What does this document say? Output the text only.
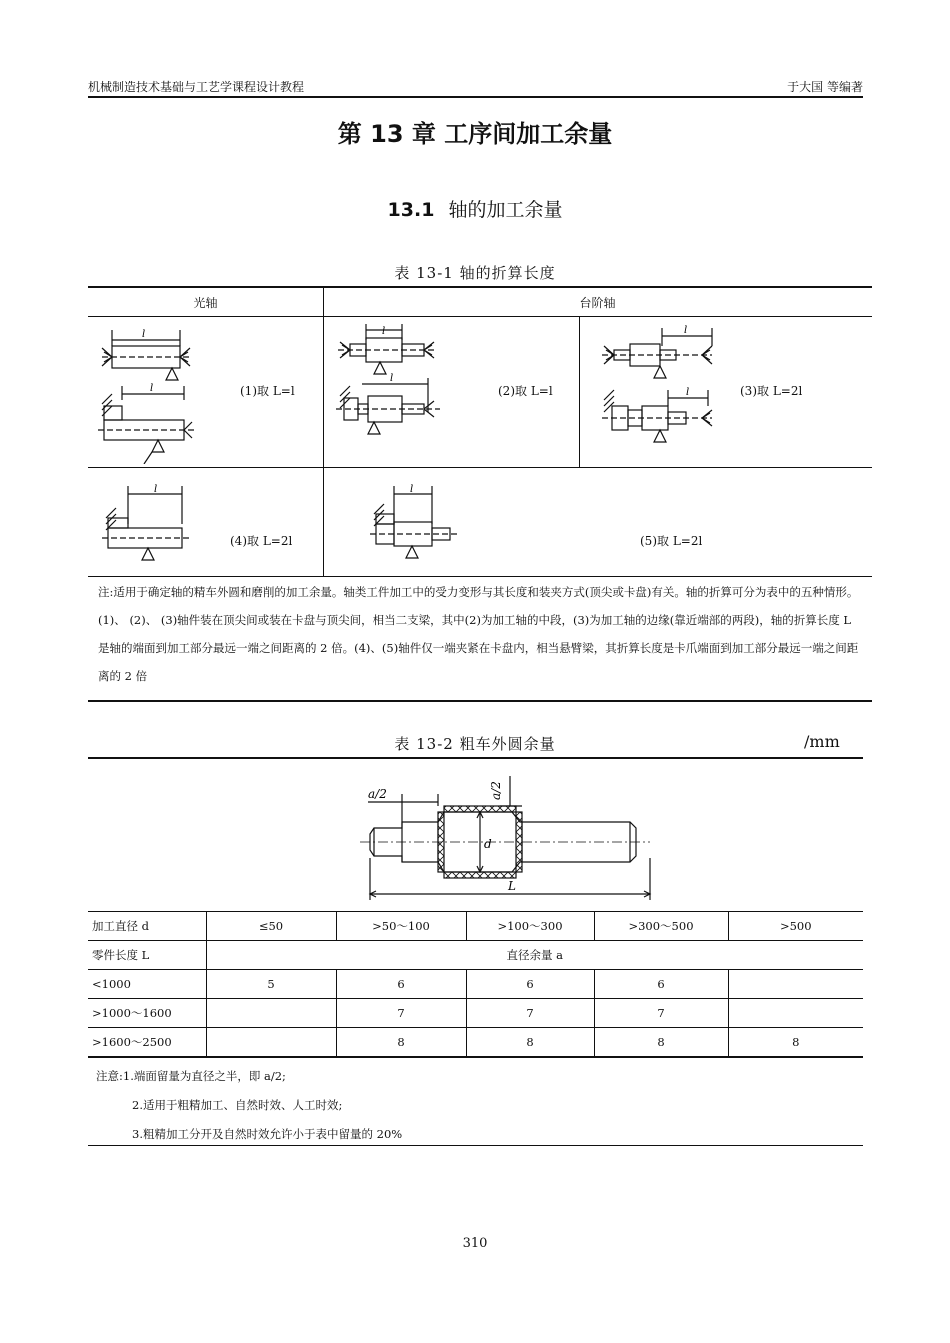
机械制造技术基础与工艺学课程设计教程	于大国 等编著
第 13 章 工序间加工余量
13.1 轴的加工余量
表 13-1 轴的折算长度
光轴	台阶轴
l
l	(1)取 L=l
l
l
(2)取 L=l
l
l	(3)取 L=2l
l
(4)取 L=2l
l
(5)取 L=2l
注:适用于确定轴的精车外圆和磨削的加工余量。轴类工件加工中的受力变形与其长度和装夹方式(顶尖或卡盘)有关。轴的折算可分为表中的五种情形。(1)、 (2)、 (3)轴件装在顶尖间或装在卡盘与顶尖间，相当二支梁，其中(2)为加工轴的中段，(3)为加工轴的边缘(靠近端部的两段)，轴的折算长度 L 是轴的端面到加工部分最远一端之间距离的 2 倍。(4)、(5)轴件仅一端夹紧在卡盘内，相当悬臂梁，其折算长度是卡爪端面到加工部分最远一端之间距离的 2 倍
表 13-2 粗车外圆余量	/mm
a/2	a/2
d
L
加工直径 d	≤50	>50～100	>100～300	>300～500	>500
零件长度 L	直径余量 a				
<1000	5	6	6	6	
>1000～1600		7	7	7	
>1600～2500		8	8	8	8
注意:1.端面留量为直径之半，即 a/2;
2.适用于粗精加工、自然时效、人工时效;
3.粗精加工分开及自然时效允许小于表中留量的 20%
310
